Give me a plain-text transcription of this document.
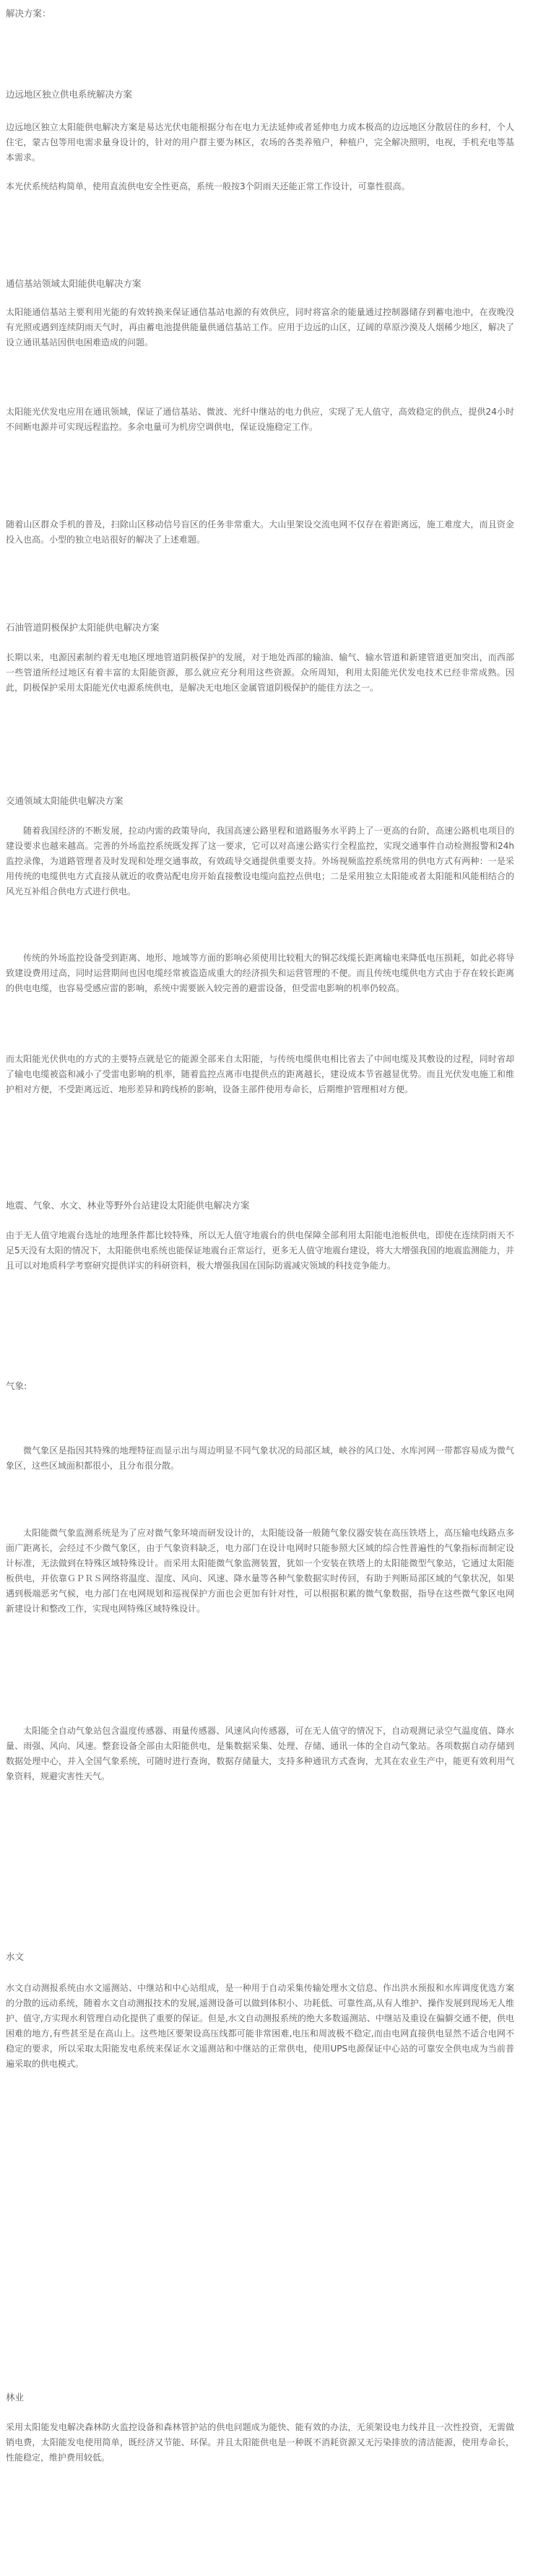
解决方案：

边远地区独立供电系统解决方案

边远地区独立太阳能供电解决方案是易达光伏电能根据分布在电力无法延伸或者延伸电力成本极高的边远地区分散居住的乡村，个人住宅，蒙古包等用电需求量身设计的，针对的用户群主要为林区，农场的各类养殖户，种植户，完全解决照明，电视，手机充电等基本需求。

本光伏系统结构简单，使用直流供电安全性更高，系统一般按3个阴雨天还能正常工作设计，可靠性很高。

通信基站领域太阳能供电解决方案

太阳能通信基站主要利用光能的有效转换来保证通信基站电源的有效供应，同时将富余的能量通过控制器储存到蓄电池中，在夜晚没有光照或遇到连续阴雨天气时，再由蓄电池提供能量供通信基站工作。应用于边远的山区，辽阔的草原沙漠及人烟稀少地区，解决了设立通讯基站因供电困难造成的问题。

太阳能光伏发电应用在通讯领域，保证了通信基站、微波、光纤中继站的电力供应，实现了无人值守，高效稳定的供点，提供24小时不间断电源并可实现远程监控。多余电量可为机房空调供电，保证设施稳定工作。

随着山区群众手机的普及，扫除山区移动信号盲区的任务非常重大。大山里架设交流电网不仅存在着距离远，施工难度大，而且资金投入也高。小型的独立电站很好的解决了上述难题。

石油管道阴极保护太阳能供电解决方案

长期以来，电源因素制约着无电地区埋地管道阴极保护的发展，对于地处西部的输油、输气、输水管道和新建管道更加突出，而西部一些管道所经过地区有着丰富的太阳能资源，那么就应充分利用这些资源。众所周知，利用太阳能光伏发电技术已经非常成熟。因此，阴极保护采用太阳能光伏电源系统供电，是解决无电地区金属管道阴极保护的能佳方法之一。

交通领域太阳能供电解决方案

随着我国经济的不断发展，拉动内需的政策导向，我国高速公路里程和道路服务水平跨上了一更高的台阶，高速公路机电项目的建设要求也越来越高。完善的外场监控系统既发挥了这一要求，它可以对高速公路实行全程监控，实现交通事件自动检测报警和24h监控录像，为道路管理者及时发现和处理交通事故，有效疏导交通提供重要支持。外场视频监控系统常用的供电方式有两种：一是采用传统的电缆供电方式直接从就近的收费站配电房开始直接敷设电缆向监控点供电；二是采用独立太阳能或者太阳能和风能相结合的风光互补组合供电方式进行供电。

传统的外场监控设备受到距离、地形、地域等方面的影响必须使用比较粗大的铜芯线缆长距离输电来降低电压损耗，如此必将导致建设费用过高，同时运营期间也因电缆经常被盗造成重大的经济损失和运营管理的不便。而且传统电缆供电方式由于存在较长距离的供电电缆，也容易受感应雷的影响，系统中需要嵌入较完善的避雷设备，但受雷电影响的机率仍较高。

而太阳能光伏供电的方式的主要特点就是它的能源全部来自太阳能，与传统电缆供电相比省去了中间电缆及其敷设的过程，同时省却了输电电缆被盗和减小了受雷电影响的机率，随着监控点离市电提供点的距离越长，建设成本节省越显优势。而且光伏发电施工和维护相对方便，不受距离远近、地形差异和跨线桥的影响，设备主部件使用寿命长，后期维护管理相对方便。

地震、气象、水文、林业等野外台站建设太阳能供电解决方案

由于无人值守地震台选址的地理条件都比较特殊，所以无人值守地震台的供电保障全部利用太阳能电池板供电，即使在连续阴雨天不足5天没有太阳的情况下，太阳能供电系统也能保证地震台正常运行，更多无人值守地震台建设，将大大增强我国的地震监测能力，并且可以对地质科学考察研究提供详实的科研资料，极大增强我国在国际防震减灾领域的科技竞争能力。

气象:

微气象区是指因其特殊的地理特征而显示出与周边明显不同气象状况的局部区域，峡谷的风口处、水库河网一带都容易成为微气象区，这些区域面积都很小，且分布很分散。

太阳能微气象监测系统是为了应对微气象环境而研发设计的，太阳能设备一般随气象仪器安装在高压铁塔上，高压输电线路点多面广距离长，会经过不少微气象区，由于气象资料缺乏，电力部门在设计电网时只能参照大区域的综合性普遍性的气象指标而制定设计标准，无法做到在特殊区域特殊设计。而采用太阳能微气象监测装置，犹如一个安装在铁塔上的太阳能微型气象站，它通过太阳能板供电，并依靠ＧＰＲＳ网络将温度、湿度、风向、风速、降水量等各种气象数据实时传回，有助于判断局部区域的气象状况，如果遇到极端恶劣气候，电力部门在电网规划和巡视保护方面也会更加有针对性，可以根据积累的微气象数据，指导在这些微气象区电网新建设计和整改工作，实现电网特殊区域特殊设计。

太阳能全自动气象站包含温度传感器、雨量传感器、风速风向传感器，可在无人值守的情况下，自动观测记录空气温度值、降水量、雨强、风向、风速。整套设备全部由太阳能供电，是集数据采集、处理、存储、通讯一体的全自动气象站。各项数据自动存储到数据处理中心，并入全国气象系统，可随时进行查询，数据存储量大，支持多种通讯方式查询，尤其在农业生产中，能更有效利用气象资料，规避灾害性天气。

水文

水文自动测报系统由水文遥测站、中继站和中心站组成，是一种用于自动采集传输处理水文信息、作出洪水预报和水库调度优选方案的分散的远动系统，随着水文自动测报技术的发展,遥测设备可以做到体积小、功耗低、可靠性高,从有人维护、操作发展到现场无人维护、值守,方实现水利管理自动化提供了重要的保证。但是,水文自动测报系统的绝大多数遥测站、中继站及重设在偏僻交通不便，供电困难的地方,有些甚至是在高山上。这些地区要架设高压线都可能非常困难,电压和周波极不稳定,而由电网直接供电显然不适合电网不稳定的要求，所以采取太阳能发电系统来保证水文遥测站和中继站的正常供电，使用UPS电源保证中心站的可靠安全供电成为当前普遍采取的供电模式。

林业

采用太阳能发电解决森林防火监控设备和森林管护站的供电问题成为能快、能有效的办法，无须架设电力线并且一次性投资，无需做销电费，太阳能发电使用简单，既经济又节能、环保。并且太阳能供电是一种既不消耗资源又无污染排放的清洁能源，使用寿命长，性能稳定，维护费用较低。
